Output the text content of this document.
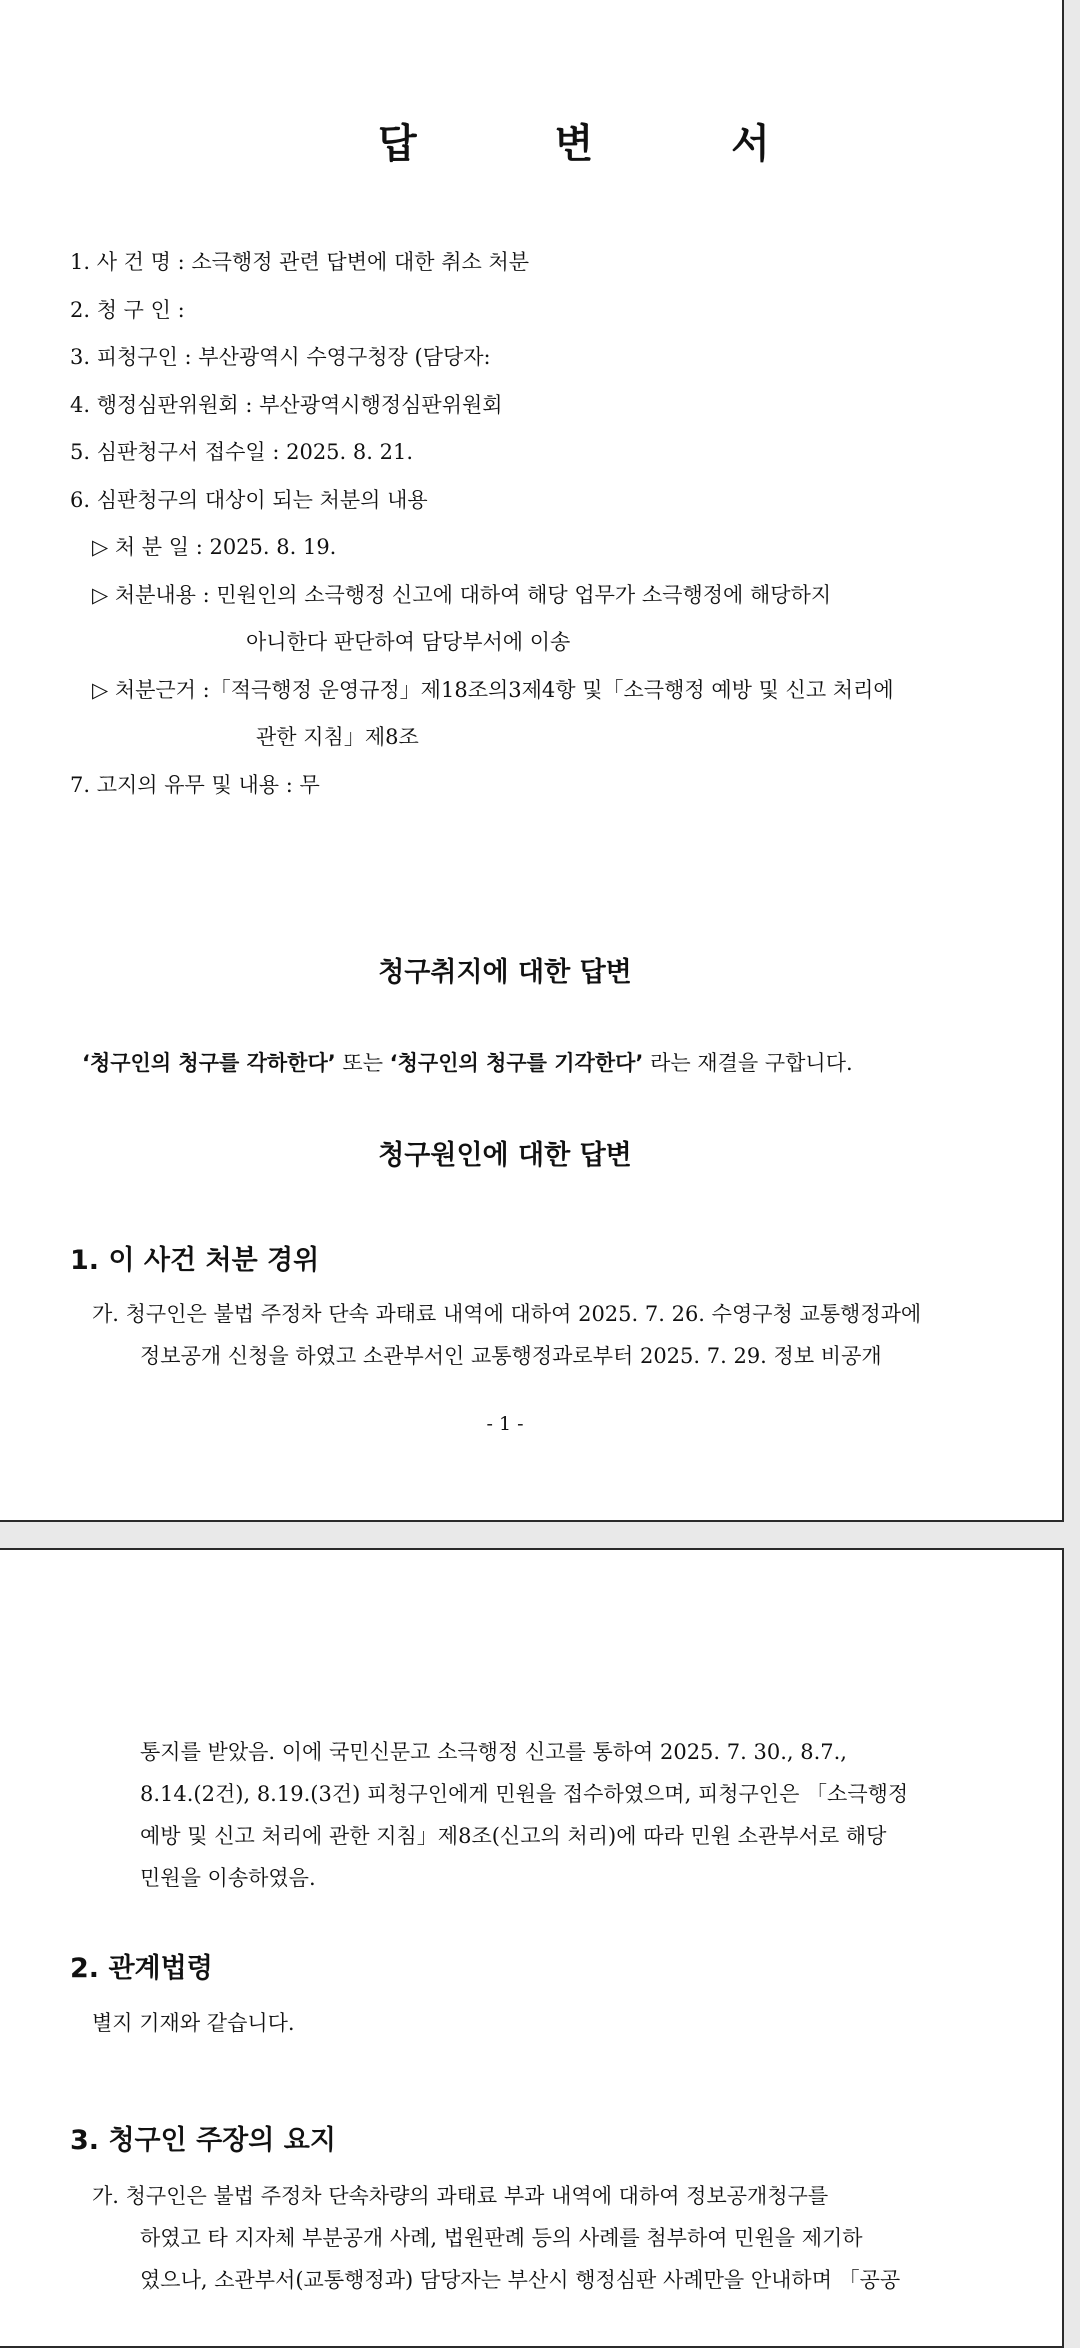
답 변 서
1. 사 건 명 : 소극행정 관련 답변에 대한 취소 처분
2. 청 구 인 :
3. 피청구인 : 부산광역시 수영구청장 (담당자:
4. 행정심판위원회 : 부산광역시행정심판위원회
5. 심판청구서 접수일 : 2025. 8. 21.
6. 심판청구의 대상이 되는 처분의 내용
▷ 처 분 일 : 2025. 8. 19.
▷ 처분내용 : 민원인의 소극행정 신고에 대하여 해당 업무가 소극행정에 해당하지
아니한다 판단하여 담당부서에 이송
▷ 처분근거 :「적극행정 운영규정」제18조의3제4항 및「소극행정 예방 및 신고 처리에
관한 지침」제8조
7. 고지의 유무 및 내용 : 무
청구취지에 대한 답변
‘청구인의 청구를 각하한다’ 또는 ‘청구인의 청구를 기각한다’ 라는 재결을 구합니다.
청구원인에 대한 답변
1. 이 사건 처분 경위
가. 청구인은 불법 주정차 단속 과태료 내역에 대하여 2025. 7. 26. 수영구청 교통행정과에
정보공개 신청을 하였고 소관부서인 교통행정과로부터 2025. 7. 29. 정보 비공개
- 1 -
통지를 받았음. 이에 국민신문고 소극행정 신고를 통하여 2025. 7. 30., 8.7.,
8.14.(2건), 8.19.(3건) 피청구인에게 민원을 접수하였으며, 피청구인은 「소극행정
예방 및 신고 처리에 관한 지침」제8조(신고의 처리)에 따라 민원 소관부서로 해당
민원을 이송하였음.
2. 관계법령
별지 기재와 같습니다.
3. 청구인 주장의 요지
가. 청구인은 불법 주정차 단속차량의 과태료 부과 내역에 대하여 정보공개청구를
하였고 타 지자체 부분공개 사례, 법원판례 등의 사례를 첨부하여 민원을 제기하
였으나, 소관부서(교통행정과) 담당자는 부산시 행정심판 사례만을 안내하며 「공공
